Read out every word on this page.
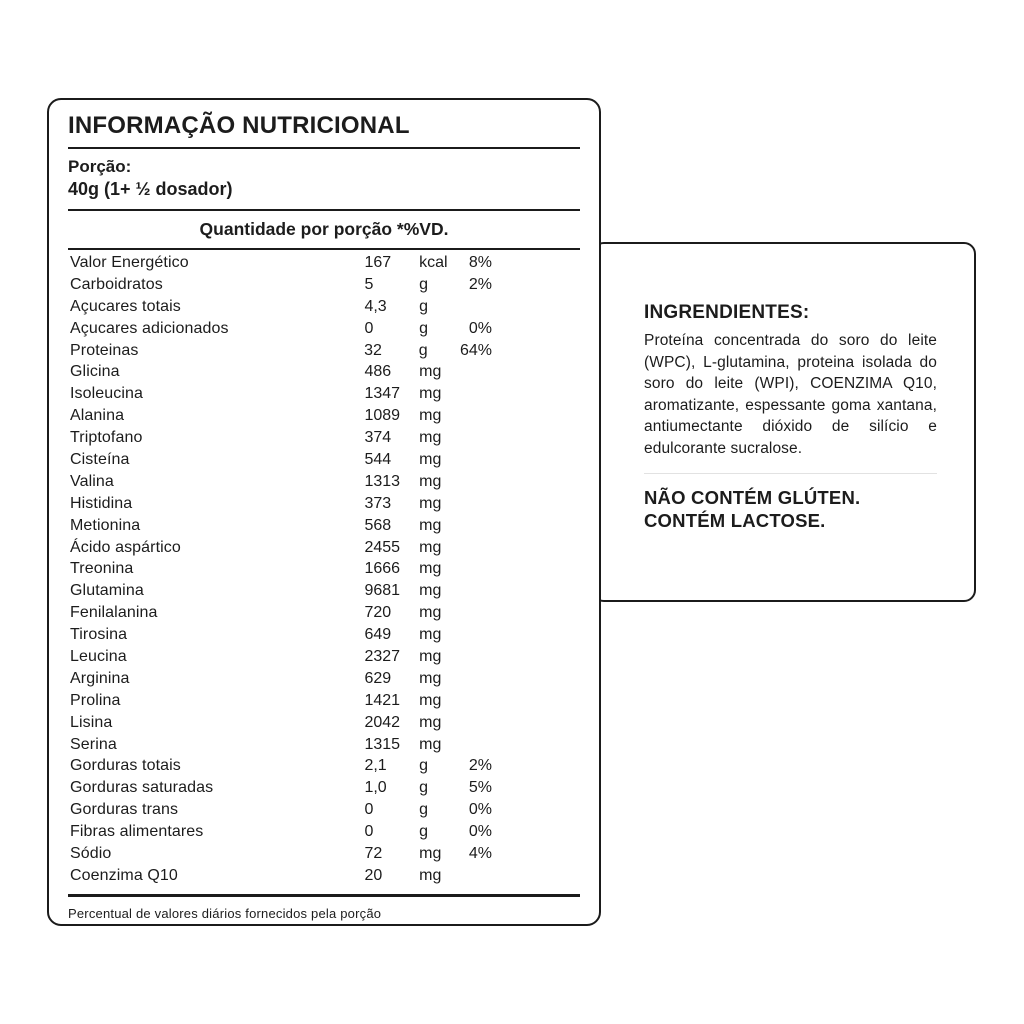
INGRENDIENTES:
Proteína concentrada do soro do leite (WPC), L-glutamina, proteina isolada do soro do leite (WPI), COENZIMA Q10, aromatizante, espessante goma xantana, antiumectante dióxido de silício e edulcorante sucralose.
NÃO CONTÉM GLÚTEN.
CONTÉM LACTOSE.
INFORMAÇÃO NUTRICIONAL
Porção:
40g (1+ ½ dosador)
Quantidade por porção *%VD.
Valor Energético	167	kcal	8%
Carboidratos	5	g	2%
Açucares totais	4,3	g
Açucares adicionados	0	g	0%
Proteinas	32	g	64%
Glicina	486	mg
Isoleucina	1347	mg
Alanina	1089	mg
Triptofano	374	mg
Cisteína	544	mg
Valina	1313	mg
Histidina	373	mg
Metionina	568	mg
Ácido aspártico	2455	mg
Treonina	1666	mg
Glutamina	9681	mg
Fenilalanina	720	mg
Tirosina	649	mg
Leucina	2327	mg
Arginina	629	mg
Prolina	1421	mg
Lisina	2042	mg
Serina	1315	mg
Gorduras totais	2,1	g	2%
Gorduras saturadas	1,0	g	5%
Gorduras trans	0	g	0%
Fibras alimentares	0	g	0%
Sódio	72	mg	4%
Coenzima Q10	20	mg
Percentual de valores diários fornecidos pela porção
